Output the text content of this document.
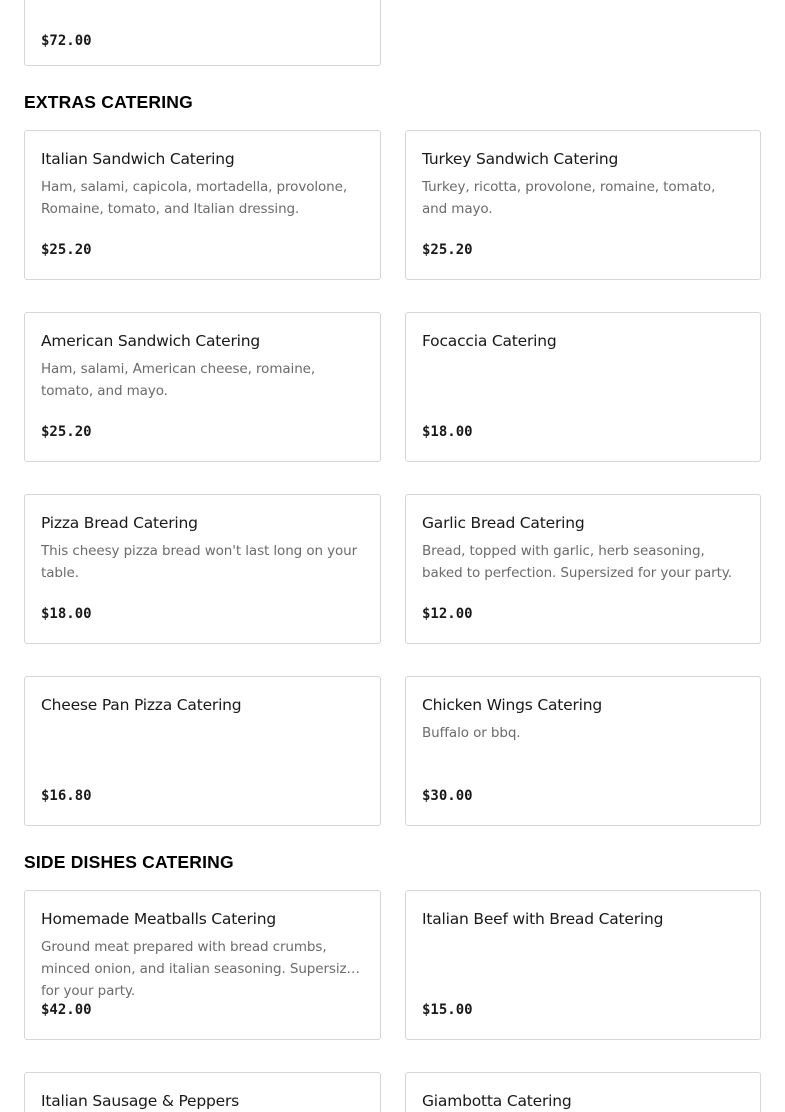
$72.00
EXTRAS CATERING
Italian Sandwich Catering
Ham, salami, capicola, mortadella, provolone, Romaine, tomato, and Italian dressing.
$25.20
Turkey Sandwich Catering
Turkey, ricotta, provolone, romaine, tomato, and mayo.
$25.20
American Sandwich Catering
Ham, salami, American cheese, romaine, tomato, and mayo.
$25.20
Focaccia Catering
$18.00
Pizza Bread Catering
This cheesy pizza bread won't last long on your table.
$18.00
Garlic Bread Catering
Bread, topped with garlic, herb seasoning, baked to perfection. Supersized for your party.
$12.00
Cheese Pan Pizza Catering
$16.80
Chicken Wings Catering
Buffalo or bbq.
$30.00
SIDE DISHES CATERING
Homemade Meatballs Catering
Ground meat prepared with bread crumbs, minced onion, and italian seasoning. Supersized for your party.
$42.00
Italian Beef with Bread Catering
$15.00
Italian Sausage & Peppers	Giambotta Catering
